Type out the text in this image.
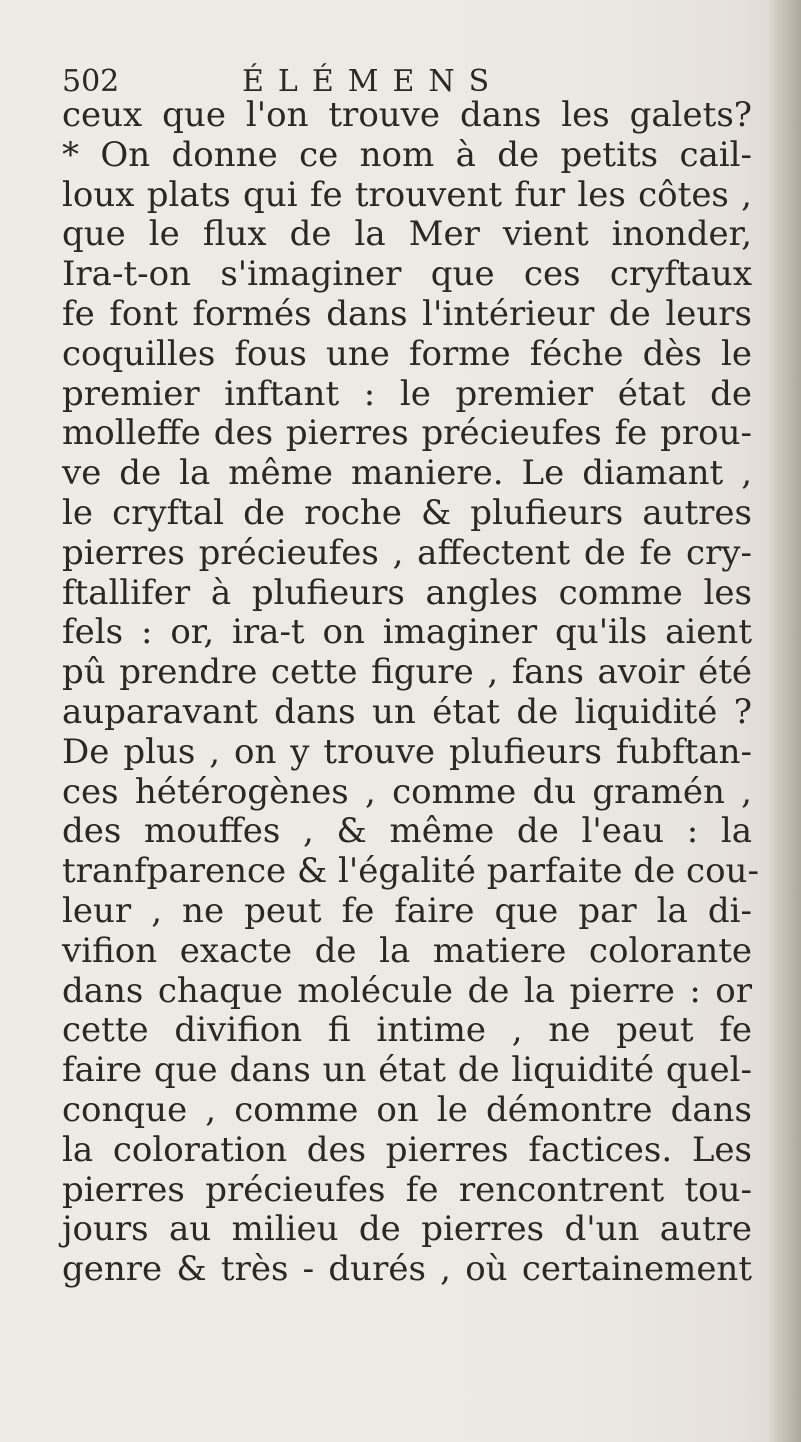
502	ÉLÉMENS
ceux que l'on trouve dans les galets?
* On donne ce nom à de petits cail-
loux plats qui fe trouvent fur les côtes ,
que le flux de la Mer vient inonder,
Ira-t-on s'imaginer que ces cryftaux
fe font formés dans l'intérieur de leurs
coquilles fous une forme féche dès le
premier inftant : le premier état de
molleffe des pierres précieufes fe prou-
ve de la même maniere. Le diamant ,
le cryftal de roche & plufieurs autres
pierres précieufes , affectent de fe cry-
ftallifer à plufieurs angles comme les
fels : or, ira-t on imaginer qu'ils aient
pû prendre cette figure , fans avoir été
auparavant dans un état de liquidité ?
De plus , on y trouve plufieurs fubftan-
ces hétérogènes , comme du gramén ,
des mouffes , & même de l'eau : la
tranfparence & l'égalité parfaite de cou-
leur , ne peut fe faire que par la di-
vifion exacte de la matiere colorante
dans chaque molécule de la pierre : or
cette divifion fi intime , ne peut fe
faire que dans un état de liquidité quel-
conque , comme on le démontre dans
la coloration des pierres factices. Les
pierres précieufes fe rencontrent tou-
jours au milieu de pierres d'un autre
genre & très - durés , où certainement
